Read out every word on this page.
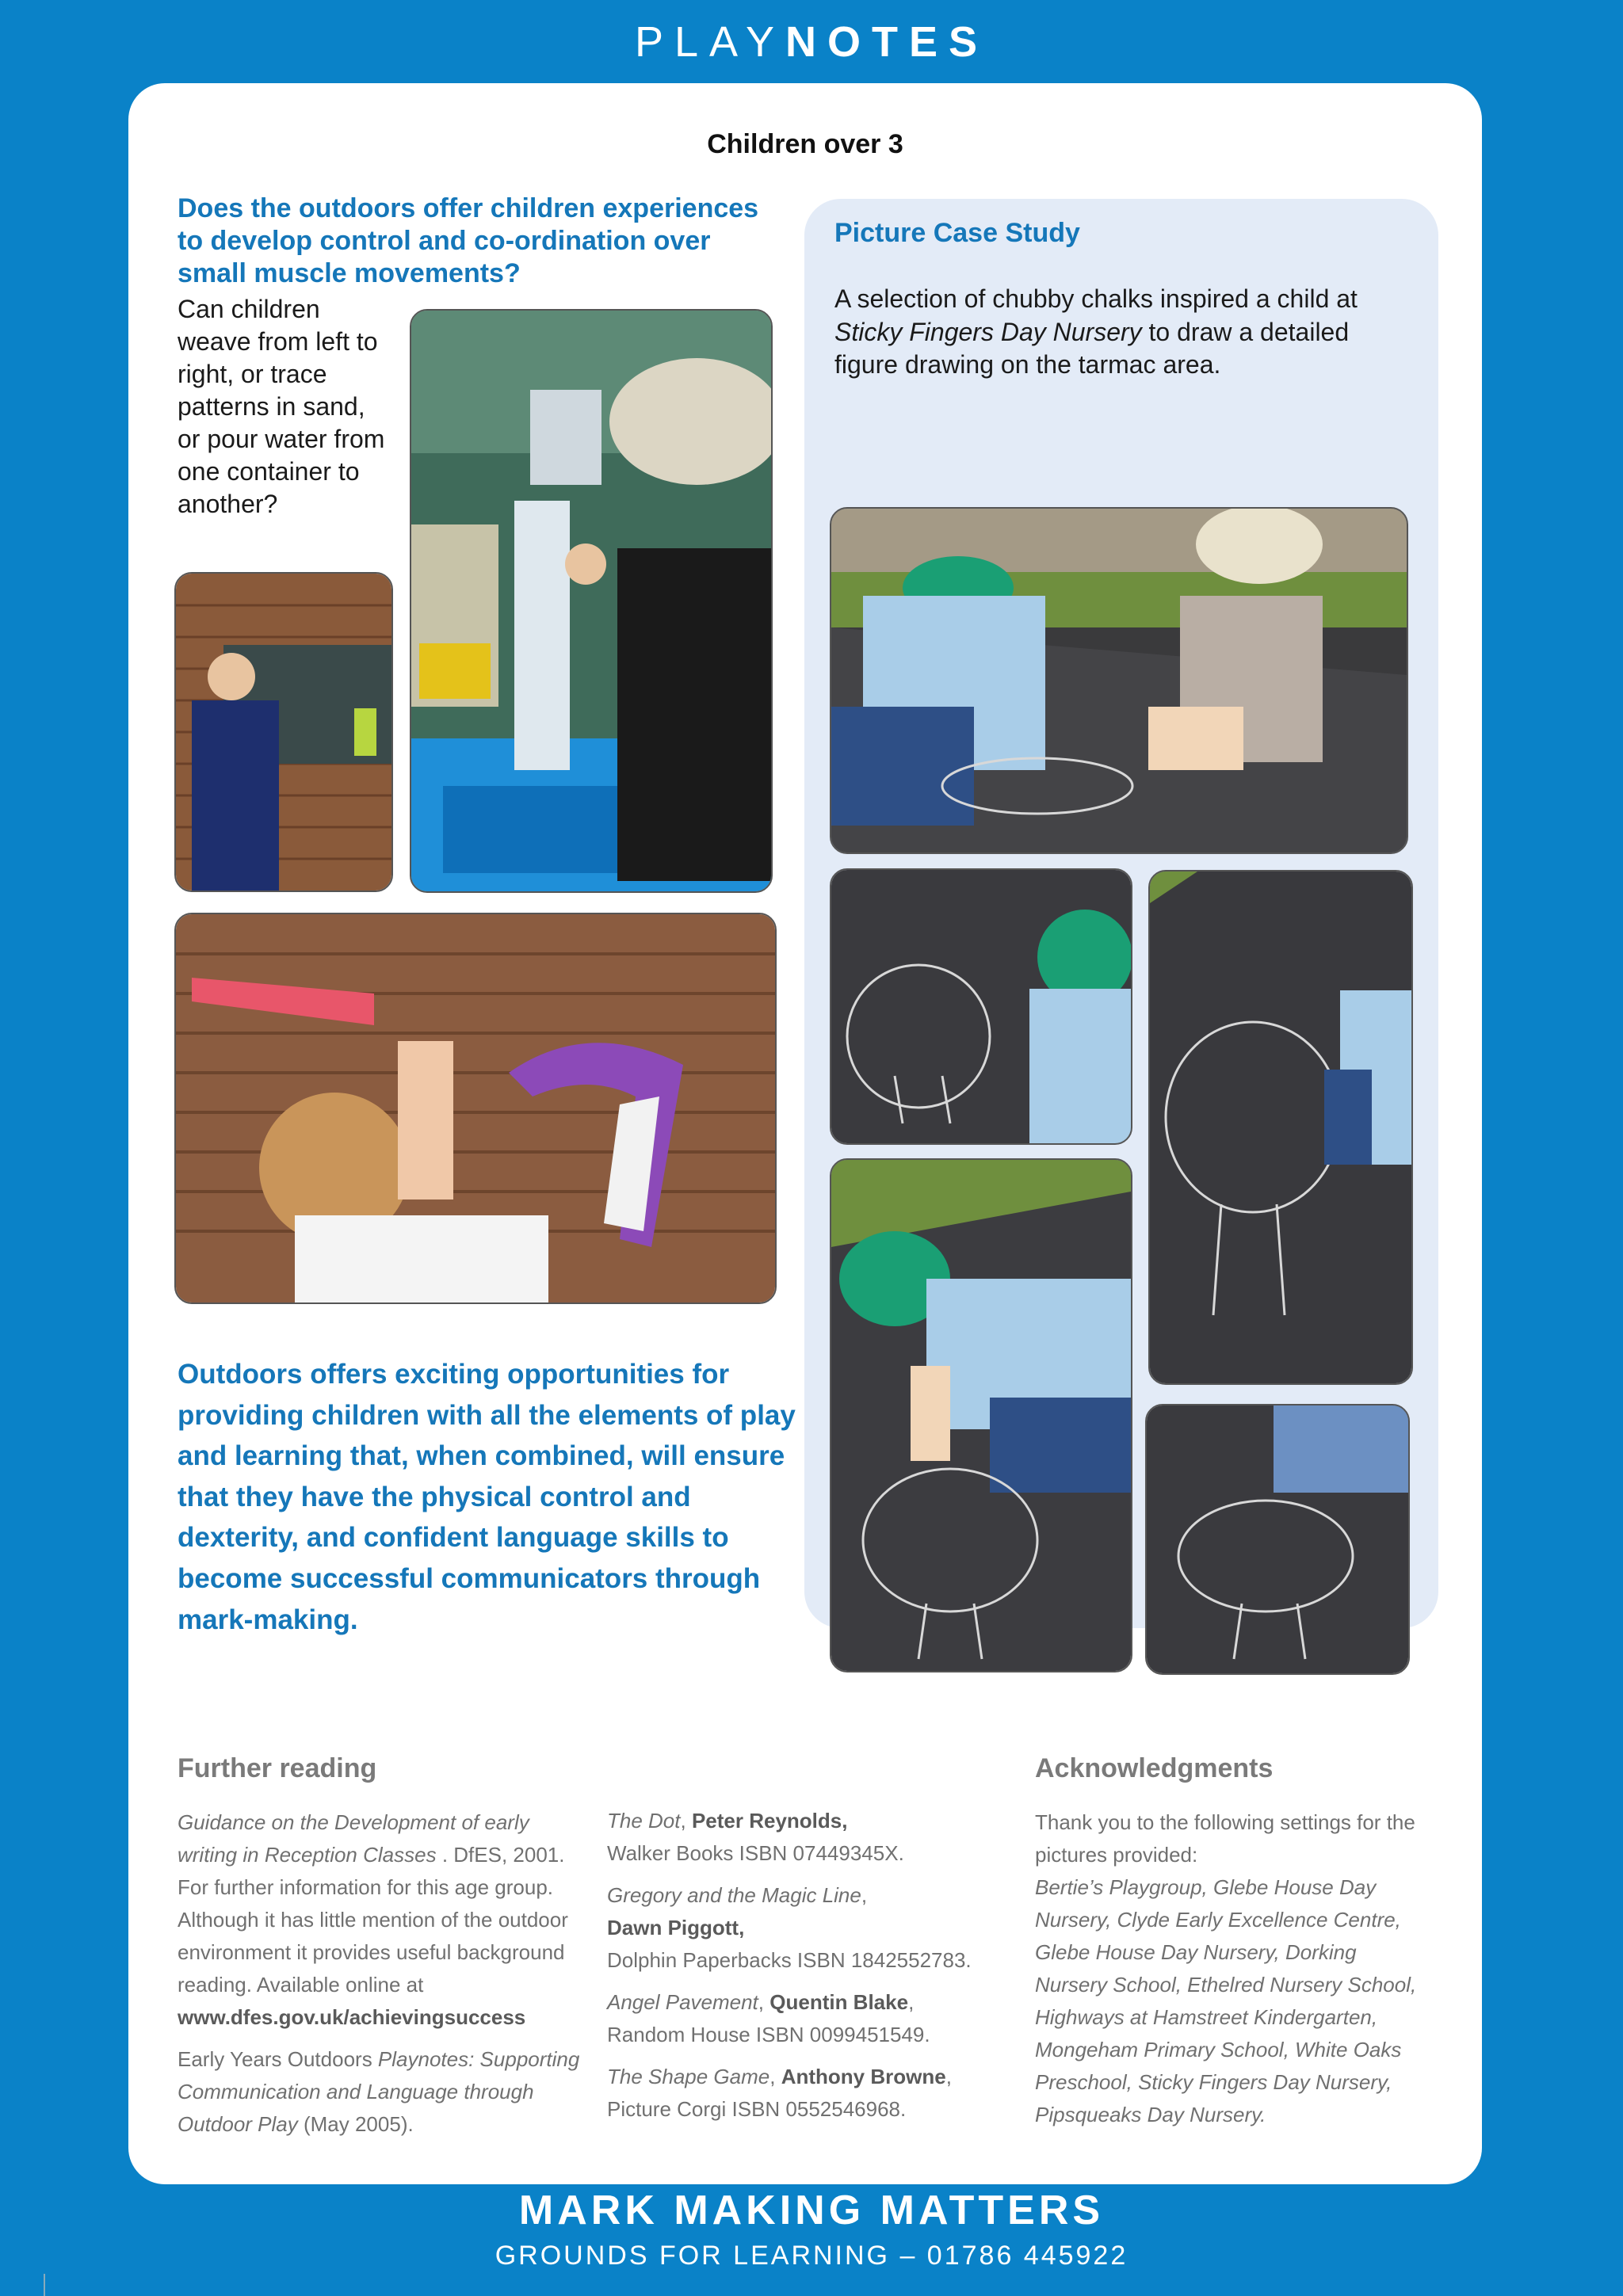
PLAYNOTES
Children over 3
Does the outdoors offer children experiences to develop control and co-ordination over small muscle movements?
Can children weave from left to right, or trace patterns in sand, or pour water from one container to another?
Outdoors offers exciting opportunities for providing children with all the elements of play and learning that, when combined, will ensure that they have the physical control and dexterity, and confident language skills to become successful communicators through mark-making.
Picture Case Study
A selection of chubby chalks inspired a child at Sticky Fingers Day Nursery to draw a detailed figure drawing on the tarmac area.
Further reading

Guidance on the Development of early writing in Reception Classes . DfES, 2001. For further information for this age group. Although it has little mention of the outdoor environment it provides useful background reading. Available online at
www.dfes.gov.uk/achievingsuccess

Early Years Outdoors Playnotes: Supporting Communication and Language through Outdoor Play (May 2005).

The Dot, Peter Reynolds,
Walker Books ISBN 07449345X.

Gregory and the Magic Line,
Dawn Piggott,
Dolphin Paperbacks ISBN 1842552783.

Angel Pavement, Quentin Blake,
Random House ISBN 0099451549.

The Shape Game, Anthony Browne,
Picture Corgi ISBN 0552546968.

Acknowledgments
Thank you to the following settings for the pictures provided:
Bertie’s Playgroup, Glebe House Day Nursery, Clyde Early Excellence Centre, Glebe House Day Nursery, Dorking Nursery School, Ethelred Nursery School, Highways at Hamstreet Kindergarten, Mongeham Primary School, White Oaks Preschool, Sticky Fingers Day Nursery, Pipsqueaks Day Nursery.
MARK MAKING MATTERS
GROUNDS FOR LEARNING – 01786 445922
